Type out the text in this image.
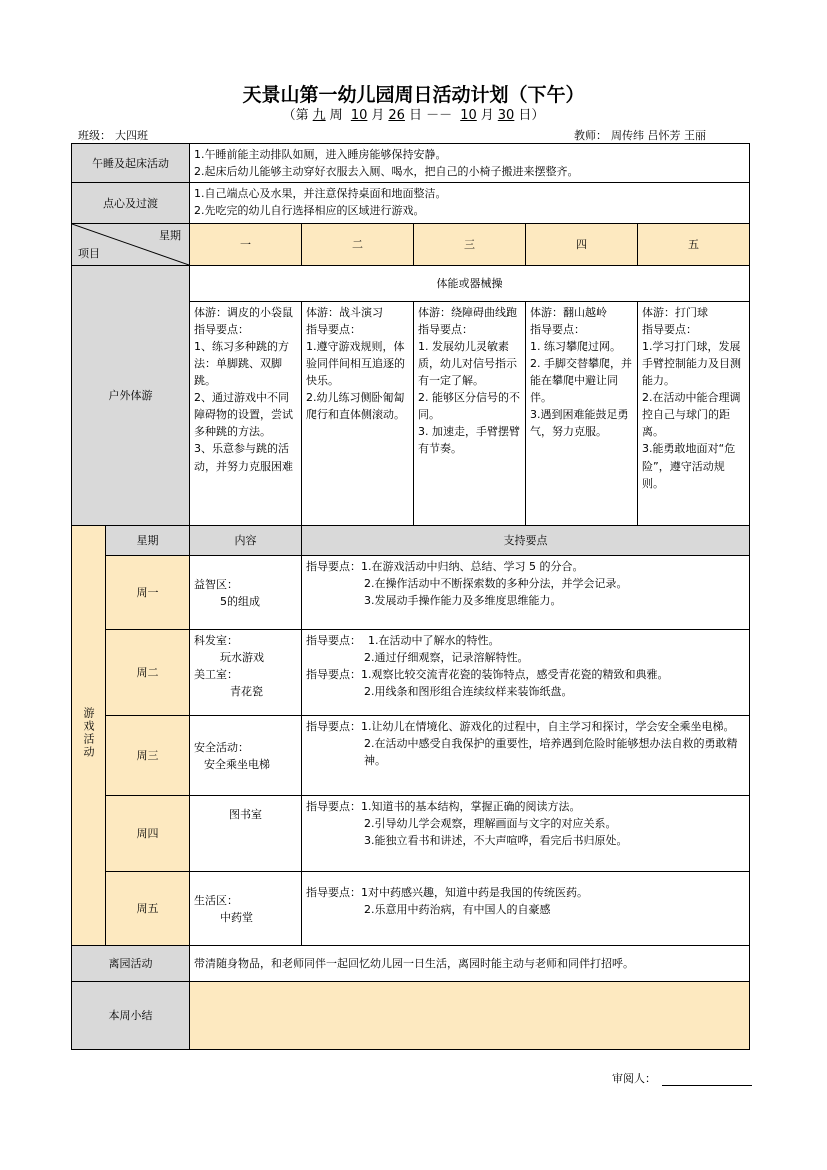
天景山第一幼儿园周日活动计划（下午）
（第 九 周 10 月 26 日 －－ 10 月 30 日）
班级： 大四班	教师： 周传纬 吕怀芳 王丽
午睡及起床活动		1.午睡前能主动排队如厕，进入睡房能够保持安静。
2.起床后幼儿能够主动穿好衣服去入厕、喝水，把自己的小椅子搬进来摆整齐。				

点心及过渡		1.自己端点心及水果，并注意保持桌面和地面整洁。
2.先吃完的幼儿自行选择相应的区域进行游戏。				

星期
项目		一	二	三	四	五
户外体游		体能或器械操				

		体游：调皮的小袋鼠
指导要点：
1、练习多种跳的方法：单脚跳、双脚跳。
2、通过游戏中不同障碍物的设置，尝试多种跳的方法。
3、乐意参与跳的活动，并努力克服困难	体游：战斗演习
指导要点：
1.遵守游戏规则，体验同伴间相互追逐的快乐。
2.幼儿练习侧卧匍匐爬行和直体侧滚动。	体游：绕障碍曲线跑
指导要点：
1. 发展幼儿灵敏素质，幼儿对信号指示有一定了解。
2. 能够区分信号的不同。
3. 加速走，手臂摆臂有节奏。	体游：翻山越岭
指导要点：
1. 练习攀爬过网。
2. 手脚交替攀爬，并能在攀爬中避让同伴。
3.遇到困难能鼓足勇气，努力克服。	体游：打门球
指导要点：
1.学习打门球，发展手臂控制能力及目测能力。
2.在活动中能合理调控自己与球门的距离。
3.能勇敢地面对“危险”，遵守活动规则。

游戏活动	星期	内容	支持要点			
	周一	益智区：
5的组成	指导要点：1.在游戏活动中归纳、总结、学习 5 的分合。
2.在操作活动中不断探索数的多种分法，并学会记录。
3.发展动手操作能力及多维度思维能力。			

	周二	科发室：
玩水游戏
美工室：
青花瓷	指导要点： 1.在活动中了解水的特性。
2.通过仔细观察，记录溶解特性。
指导要点：1.观察比较交流青花瓷的装饰特点，感受青花瓷的精致和典雅。
2.用线条和图形组合连续纹样来装饰纸盘。			

	周三	安全活动：
安全乘坐电梯	指导要点：1.让幼儿在情境化、游戏化的过程中，自主学习和探讨，学会安全乘坐电梯。
2.在活动中感受自我保护的重要性，培养遇到危险时能够想办法自救的勇敢精神。			

	周四	图书室	指导要点：1.知道书的基本结构，掌握正确的阅读方法。
2.引导幼儿学会观察，理解画面与文字的对应关系。
3.能独立看书和讲述，不大声喧哗，看完后书归原处。			

	周五	生活区：
中药堂	指导要点：1对中药感兴趣，知道中药是我国的传统医药。
2.乐意用中药治病，有中国人的自豪感			

离园活动		带清随身物品，和老师同伴一起回忆幼儿园一日生活，离园时能主动与老师和同伴打招呼。				
本周小结						
审阅人：
